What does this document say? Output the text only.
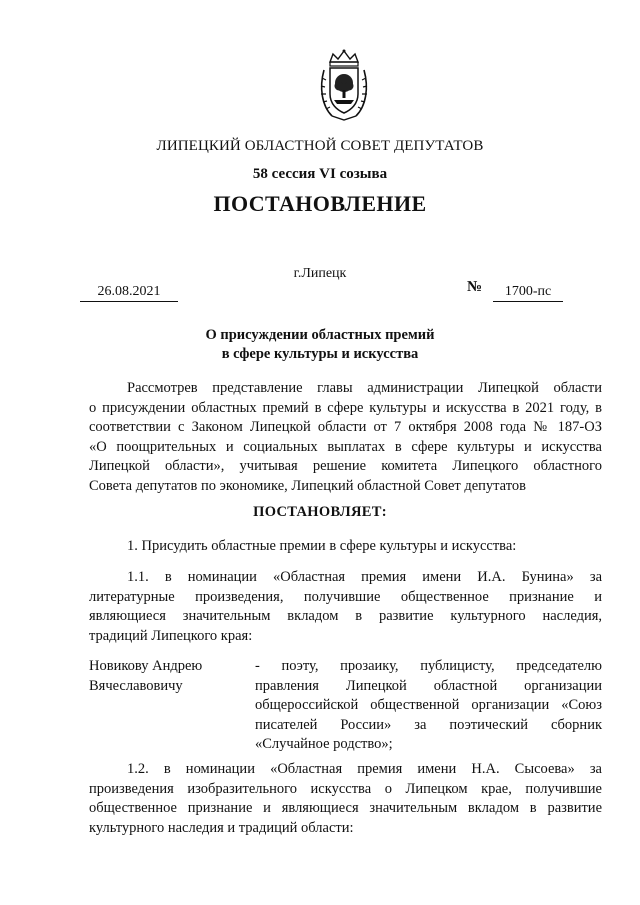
ЛИПЕЦКИЙ ОБЛАСТНОЙ СОВЕТ ДЕПУТАТОВ
58 сессия VI созыва
ПОСТАНОВЛЕНИЕ
г.Липецк
26.08.2021	№	1700-пс
О присуждении областных премий
в сфере культуры и искусства
Рассмотрев представление главы администрации Липецкой области
о присуждении областных премий в сфере культуры и искусства в 2021 году, в
соответствии с Законом Липецкой области от 7 октября 2008 года № 187-ОЗ
«О поощрительных и социальных выплатах в сфере культуры и искусства
Липецкой области», учитывая решение комитета Липецкого областного
Совета депутатов по экономике, Липецкий областной Совет депутатов
ПОСТАНОВЛЯЕТ:
1. Присудить областные премии в сфере культуры и искусства:
1.1. в номинации «Областная премия имени И.А. Бунина» за
литературные произведения, получившие общественное признание и
являющиеся значительным вкладом в развитие культурного наследия,
традиций Липецкого края:
Новикову Андрею
Вячеславовичу
- поэту, прозаику, публицисту, председателю
правления Липецкой областной организации
общероссийской общественной организации «Союз
писателей России» за поэтический сборник
«Случайное родство»;
1.2. в номинации «Областная премия имени Н.А. Сысоева» за
произведения изобразительного искусства о Липецком крае, получившие
общественное признание и являющиеся значительным вкладом в развитие
культурного наследия и традиций области:
